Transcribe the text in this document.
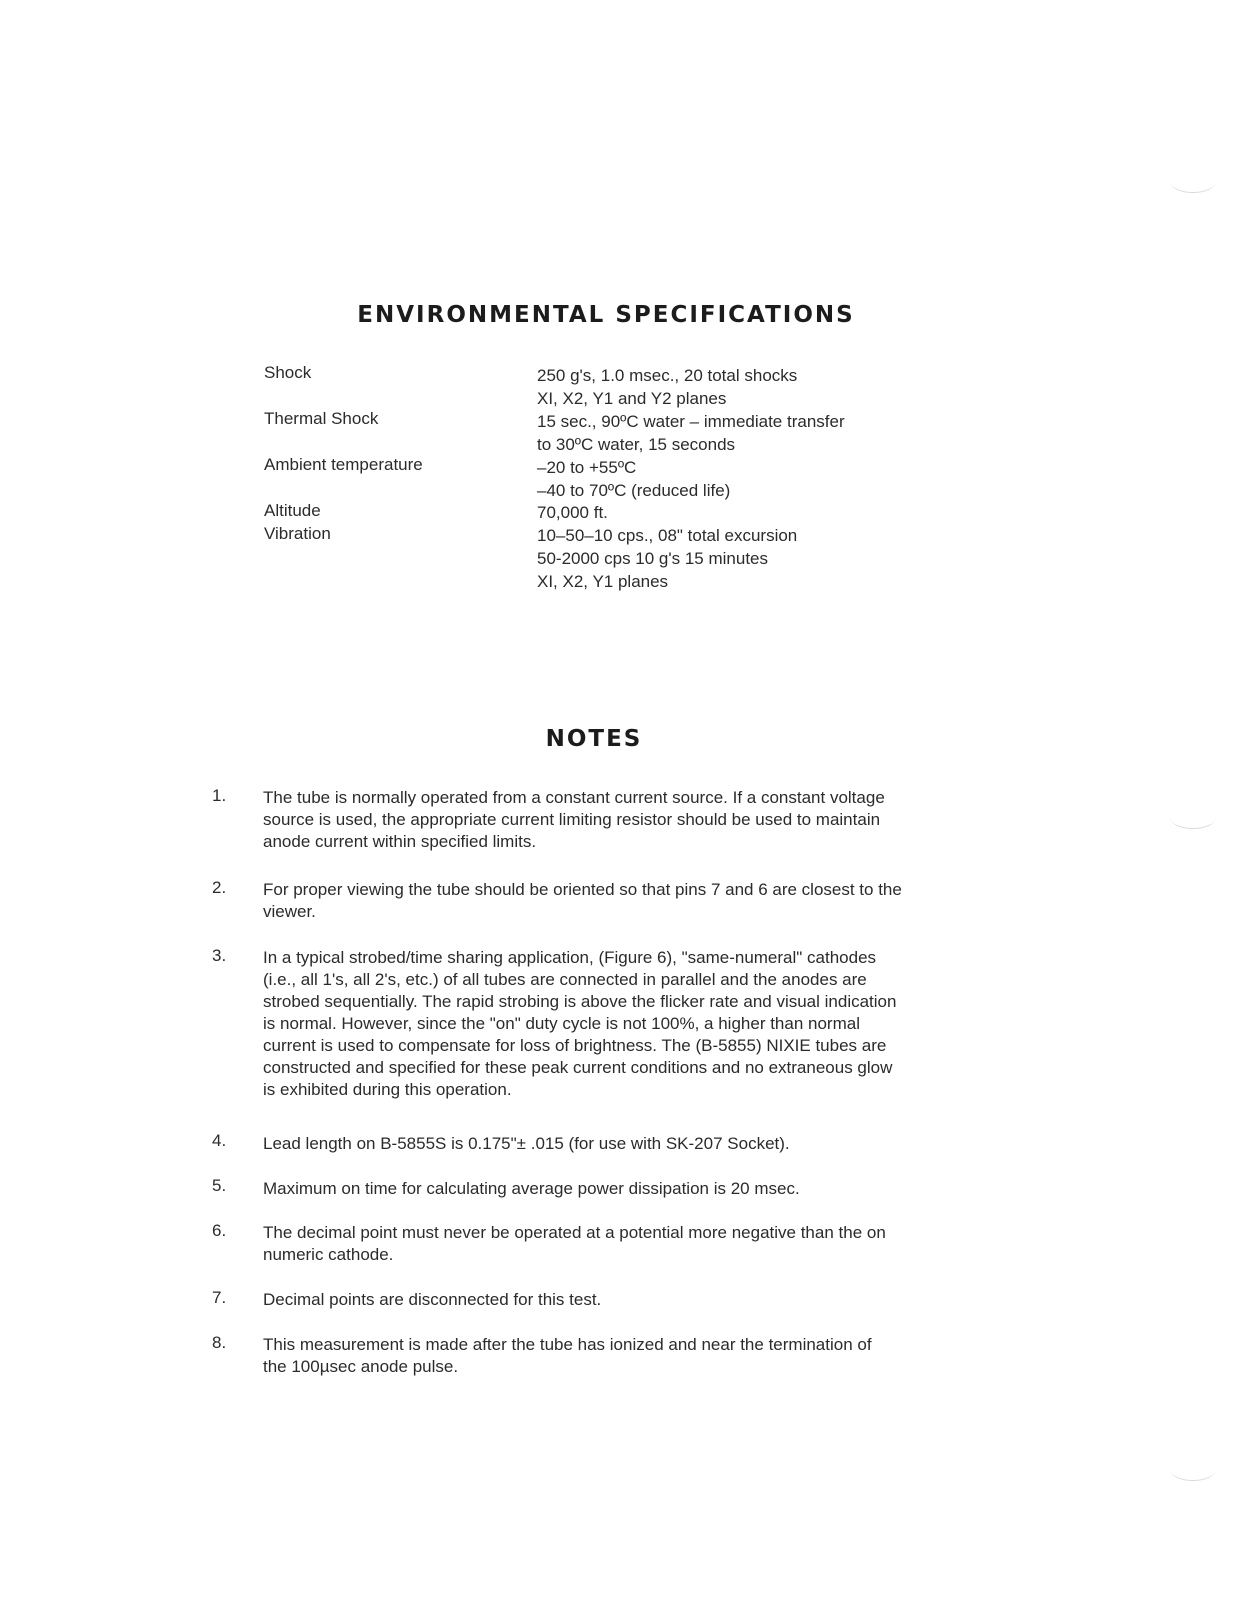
ENVIRONMENTAL SPECIFICATIONS
Shock
Thermal Shock
Ambient temperature
Altitude
Vibration
250 g's, 1.0 msec., 20 total shocks
XI, X2, Y1 and Y2 planes
15 sec., 90ºC water – immediate transfer
to 30ºC water, 15 seconds
–20 to +55ºC
–40 to 70ºC (reduced life)
70,000 ft.
10–50–10 cps., 08" total excursion
50-2000 cps 10 g's 15 minutes
XI, X2, Y1 planes
NOTES
1. The tube is normally operated from a constant current source. If a constant voltage
source is used, the appropriate current limiting resistor should be used to maintain
anode current within specified limits.
2. For proper viewing the tube should be oriented so that pins 7 and 6 are closest to the
viewer.
3. In a typical strobed/time sharing application, (Figure 6), "same-numeral" cathodes
(i.e., all 1's, all 2's, etc.) of all tubes are connected in parallel and the anodes are
strobed sequentially. The rapid strobing is above the flicker rate and visual indication
is normal. However, since the "on" duty cycle is not 100%, a higher than normal
current is used to compensate for loss of brightness. The (B-5855) NIXIE tubes are
constructed and specified for these peak current conditions and no extraneous glow
is exhibited during this operation.
4. Lead length on B-5855S is 0.175"± .015 (for use with SK-207 Socket).
5. Maximum on time for calculating average power dissipation is 20 msec.
6. The decimal point must never be operated at a potential more negative than the on
numeric cathode.
7. Decimal points are disconnected for this test.
8. This measurement is made after the tube has ionized and near the termination of
the 100µsec anode pulse.
